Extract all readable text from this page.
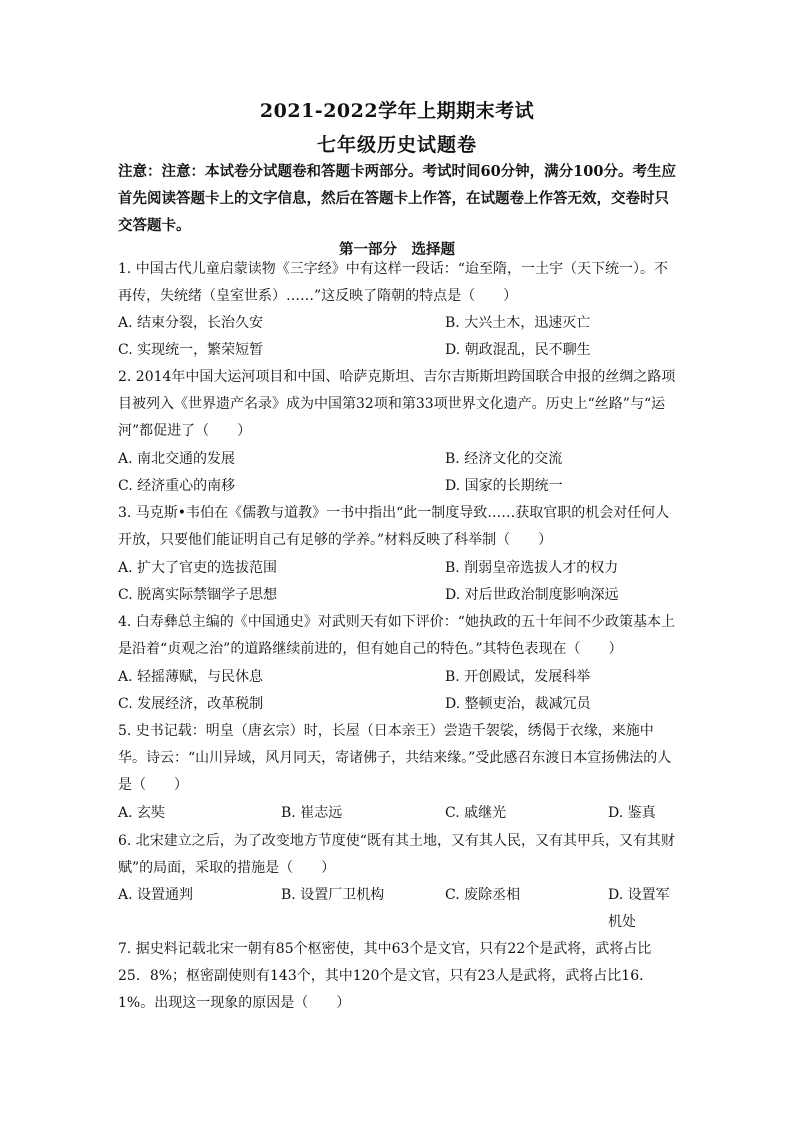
2021-2022学年上期期末考试
七年级历史试题卷
注意：注意：本试卷分试题卷和答题卡两部分。考试时间60分钟，满分100分。考生应首先阅读答题卡上的文字信息，然后在答题卡上作答，在试题卷上作答无效，交卷时只交答题卡。
第一部分　选择题
1. 中国古代儿童启蒙读物《三字经》中有这样一段话：“迨至隋，一土宇（天下统一）。不再传，失统绪（皇室世系）……”这反映了隋朝的特点是（　　）
A. 结束分裂，长治久安	B. 大兴土木，迅速灭亡
C. 实现统一，繁荣短暂	D. 朝政混乱，民不聊生
2. 2014年中国大运河项目和中国、哈萨克斯坦、吉尔吉斯斯坦跨国联合申报的丝绸之路项目被列入《世界遗产名录》成为中国第32项和第33项世界文化遗产。历史上“丝路”与“运河”都促进了（　　）
A. 南北交通的发展	B. 经济文化的交流
C. 经济重心的南移	D. 国家的长期统一
3. 马克斯•韦伯在《儒教与道教》一书中指出“此一制度导致……获取官职的机会对任何人开放，只要他们能证明自己有足够的学养。”材料反映了科举制（　　）
A. 扩大了官吏的选拔范围	B. 削弱皇帝选拔人才的权力
C. 脱离实际禁锢学子思想	D. 对后世政治制度影响深远
4. 白寿彝总主编的《中国通史》对武则天有如下评价：“她执政的五十年间不少政策基本上是沿着“贞观之治”的道路继续前进的，但有她自己的特色。”其特色表现在（　　）
A. 轻摇薄赋，与民休息	B. 开创殿试，发展科举
C. 发展经济，改革税制	D. 整顿吏治，裁减冗员
5. 史书记载：明皇（唐玄宗）时，长屋（日本亲王）尝造千袈裟，绣偈于衣缘，来施中华。诗云：“山川异域，风月同天，寄诸佛子，共结来缘。”受此感召东渡日本宣扬佛法的人是（　　）
A. 玄奘	B. 崔志远	C. 戚继光	D. 鉴真
6. 北宋建立之后，为了改变地方节度使“既有其土地，又有其人民，又有其甲兵，又有其财赋”的局面，采取的措施是（　　）
A. 设置通判	B. 设置厂卫机构	C. 废除丞相	D. 设置军机处
7. 据史料记载北宋一朝有85个枢密使，其中63个是文官，只有22个是武将，武将占比25．8%；枢密副使则有143个，其中120个是文官，只有23人是武将，武将占比16．1%。出现这一现象的原因是（　　）
